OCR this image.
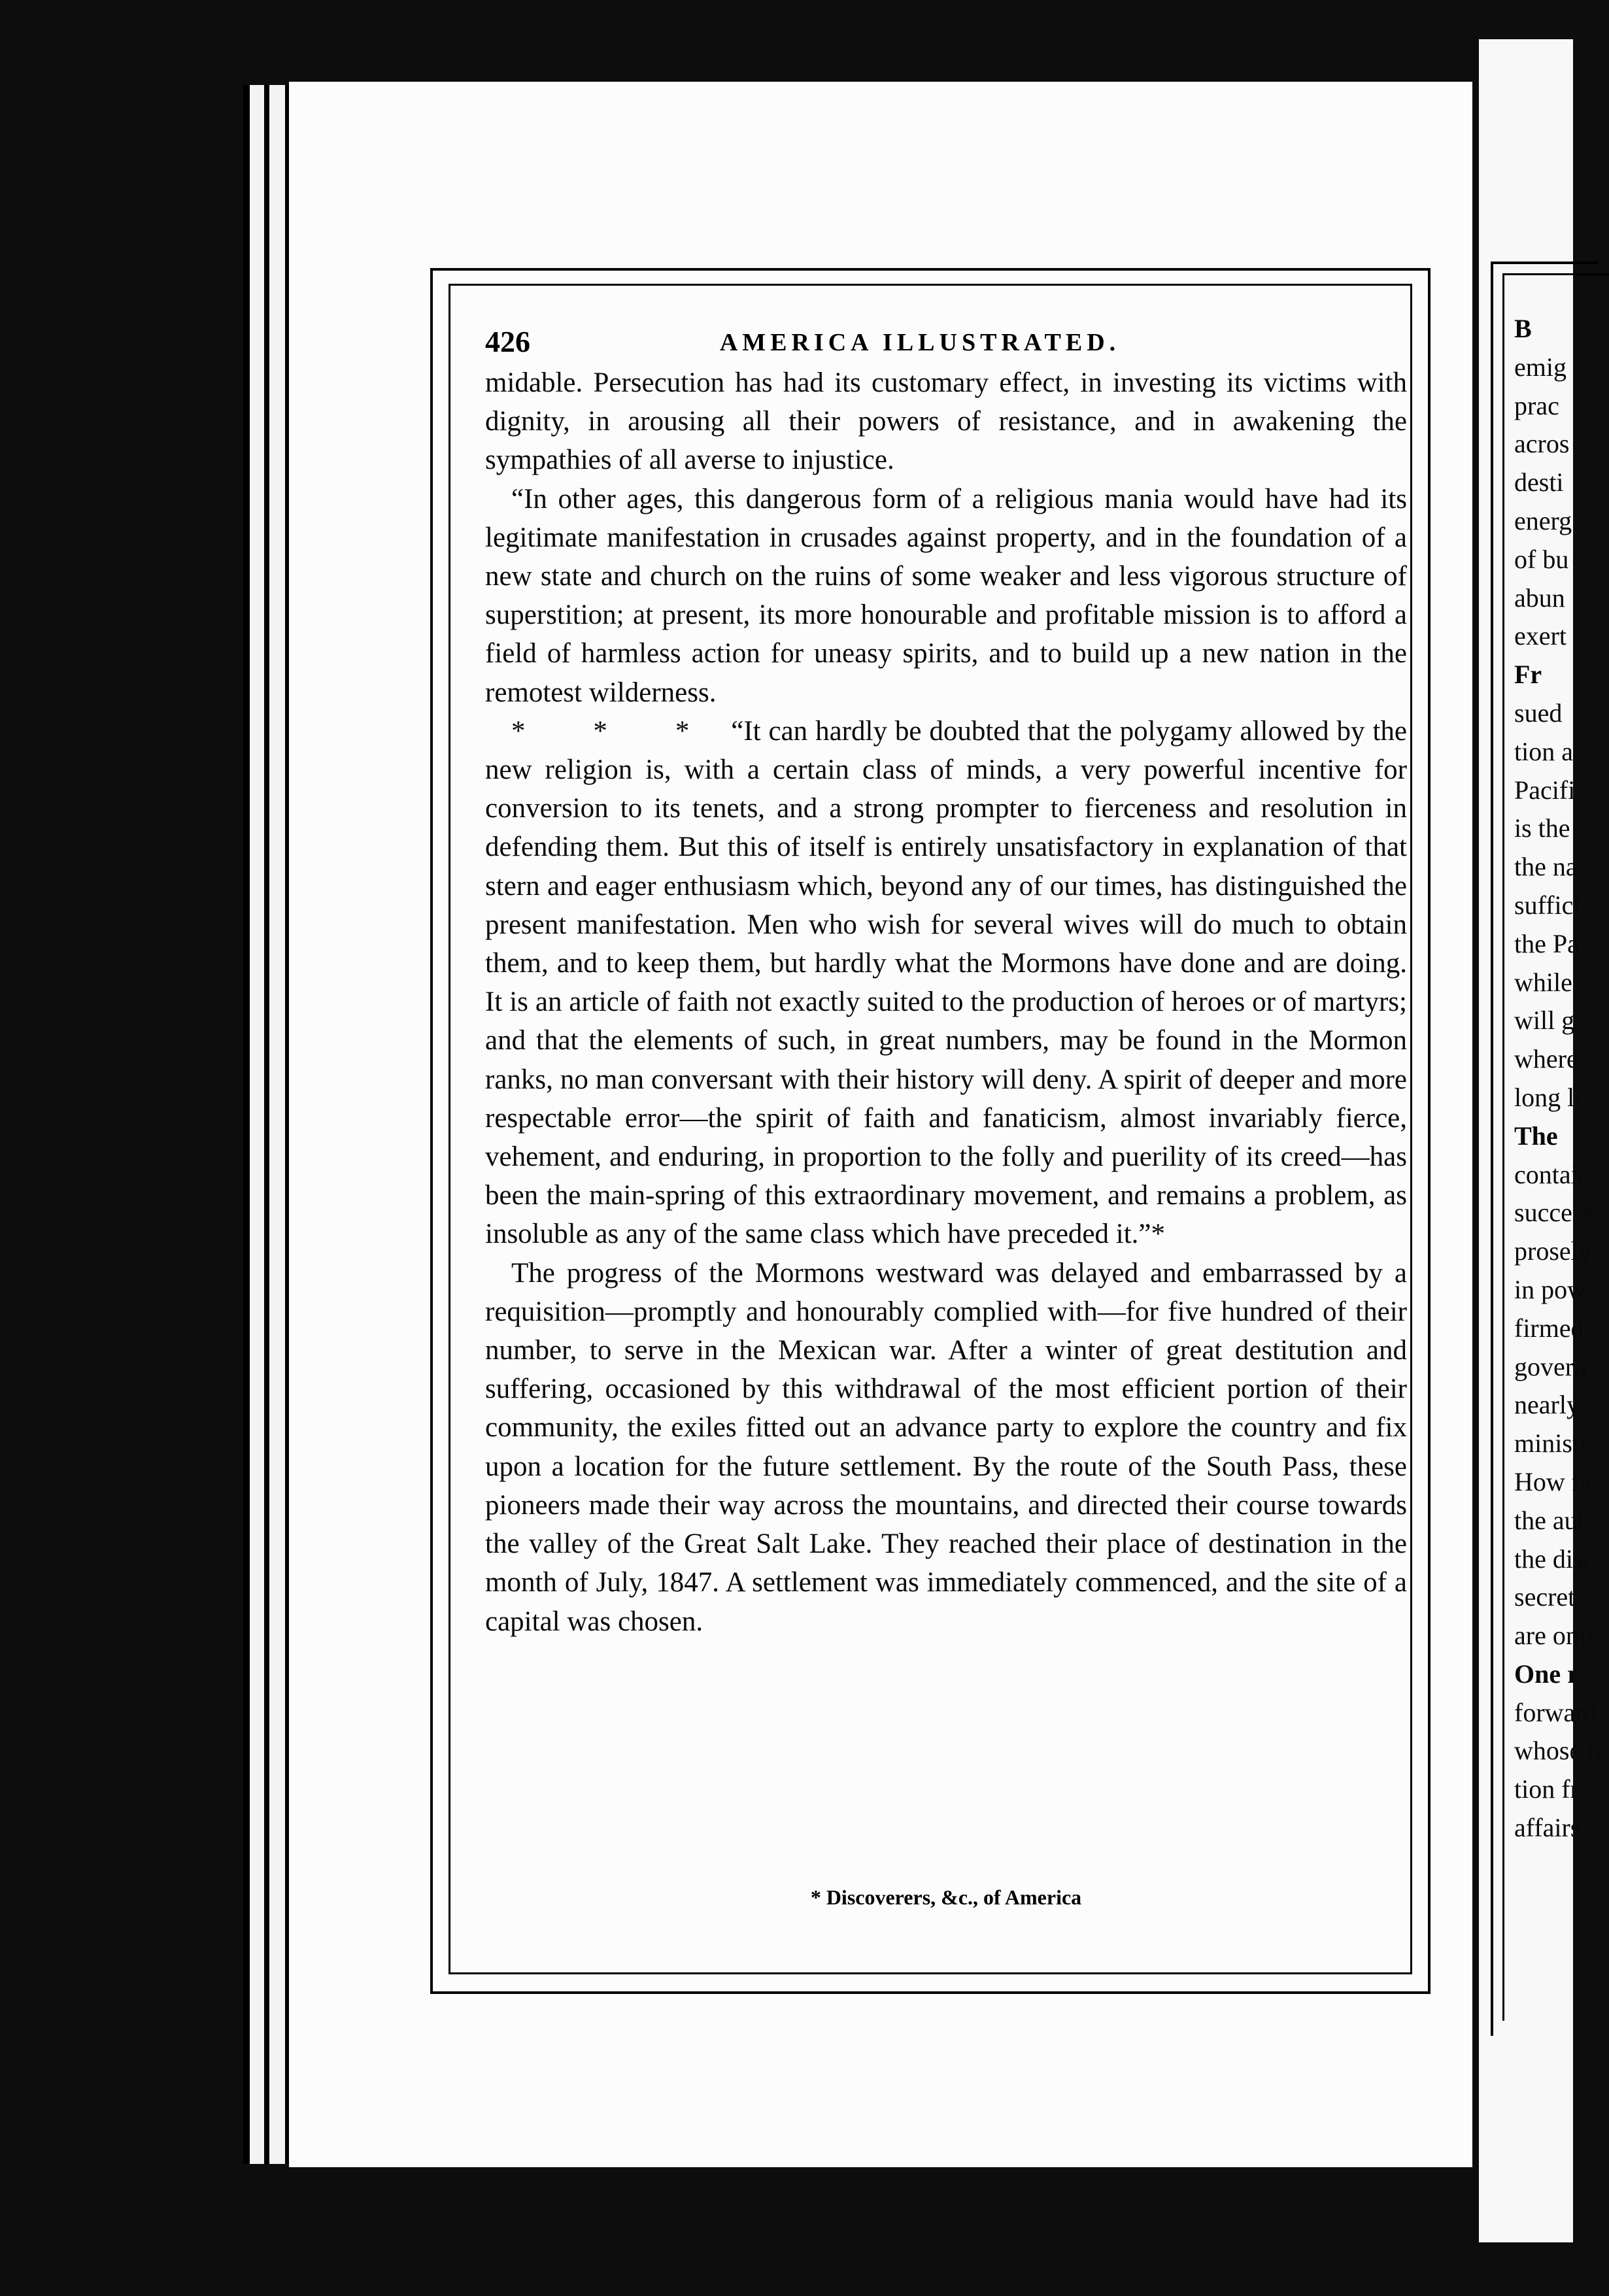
426	AMERICA ILLUSTRATED.

midable. Persecution has had its customary effect, in investing its victims with dignity, in arousing all their powers of resistance, and in awakening the sympathies of all averse to injustice.

“In other ages, this dangerous form of a religious mania would have had its legitimate manifestation in crusades against property, and in the foundation of a new state and church on the ruins of some weaker and less vigorous structure of superstition; at present, its more honourable and profitable mission is to afford a field of harmless action for uneasy spirits, and to build up a new nation in the remotest wilderness.

* * * “It can hardly be doubted that the polygamy allowed by the new religion is, with a certain class of minds, a very powerful incentive for conversion to its tenets, and a strong prompter to fierceness and resolution in defending them. But this of itself is entirely unsatisfactory in explanation of that stern and eager enthusiasm which, beyond any of our times, has distinguished the present manifestation. Men who wish for several wives will do much to obtain them, and to keep them, but hardly what the Mormons have done and are doing. It is an article of faith not exactly suited to the production of heroes or of martyrs; and that the elements of such, in great numbers, may be found in the Mormon ranks, no man conversant with their history will deny. A spirit of deeper and more respectable error—the spirit of faith and fanaticism, almost invariably fierce, vehement, and enduring, in proportion to the folly and puerility of its creed—has been the main-spring of this extraordinary movement, and remains a problem, as insoluble as any of the same class which have preceded it.”*

The progress of the Mormons westward was delayed and embarrassed by a requisition—promptly and honourably complied with—for five hundred of their number, to serve in the Mexican war. After a winter of great destitution and suffering, occasioned by this withdrawal of the most efficient portion of their community, the exiles fitted out an advance party to explore the country and fix upon a location for the future settlement. By the route of the South Pass, these pioneers made their way across the mountains, and directed their course towards the valley of the Great Salt Lake. They reached their place of destination in the month of July, 1847. A settlement was immediately commenced, and the site of a capital was chosen.

* Discoverers, &c., of America
B
emig
prac
acros
desti
energ
of bu
abun
exert
Fr
sued
tion a
Pacifi
is the
the na
suffici
the Pa
while
will g
where
long li
The
contair
success
prosely
in pow
firmed
govern
nearly
ministr
How fa
the aut
the disr
secretar
are omi
One r
forward
whose n
tion fro
affairs.
